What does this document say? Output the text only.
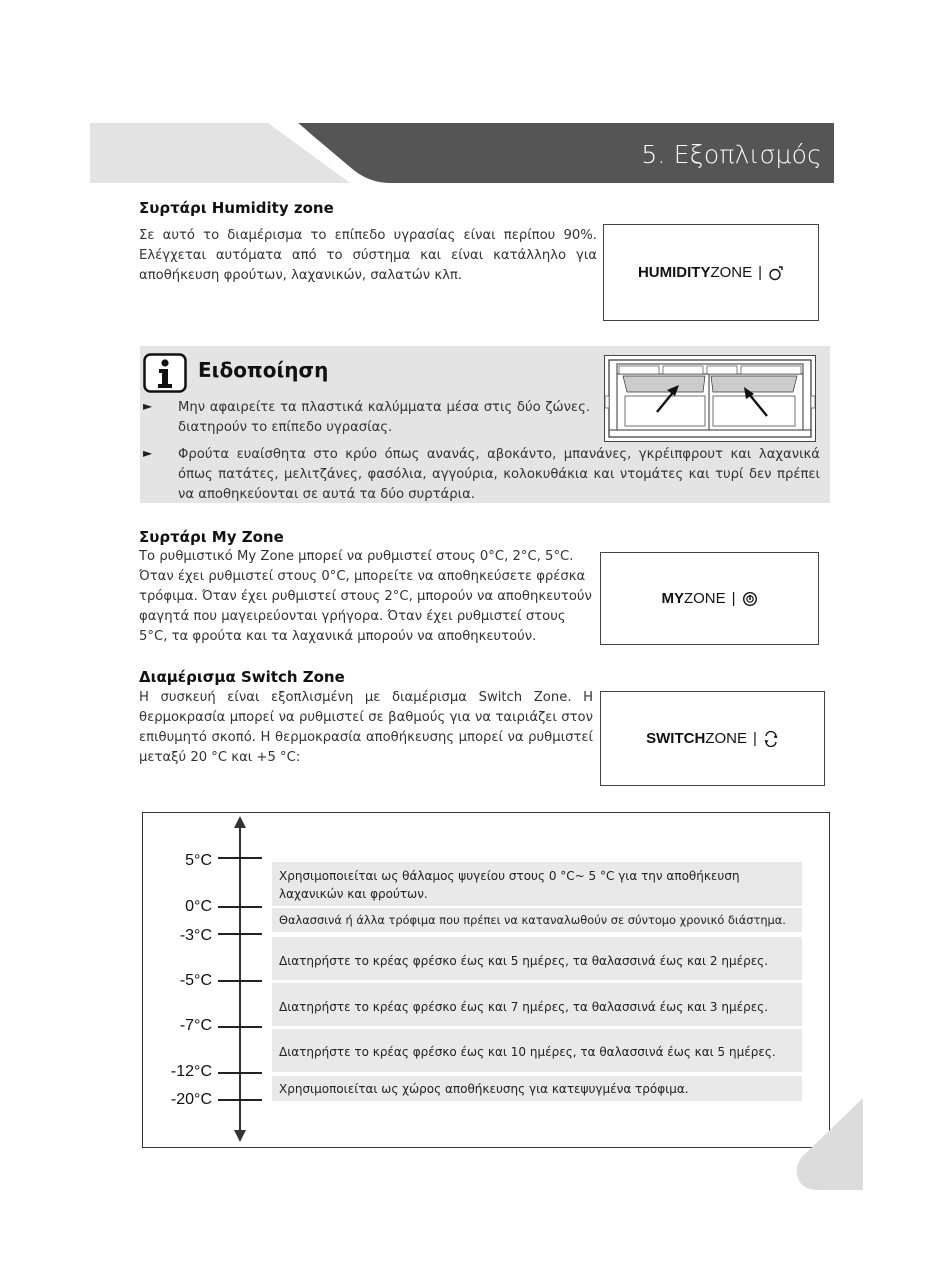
5. Εξοπλισμός
Συρτάρι Humidity zone
Σε αυτό το διαμέρισμα το επίπεδο υγρασίας είναι περίπου 90%. Ελέγχεται αυτόματα από το σύστημα και είναι κατάλληλο για αποθήκευση φρούτων, λαχανικών, σαλατών κλπ.	HUMIDITY ZONE |
Ειδοποίηση
► Μην αφαιρείτε τα πλαστικά καλύμματα μέσα στις δύο ζώνες. διατηρούν το επίπεδο υγρασίας.
► Φρούτα ευαίσθητα στο κρύο όπως ανανάς, αβοκάντο, μπανάνες, γκρέιπφρουτ και λαχανικά όπως πατάτες, μελιτζάνες, φασόλια, αγγούρια, κολοκυθάκια και ντομάτες και τυρί δεν πρέπει να αποθηκεύονται σε αυτά τα δύο συρτάρια.
Συρτάρι My Zone
Το ρυθμιστικό My Zone μπορεί να ρυθμιστεί στους 0°C, 2°C, 5°C. Όταν έχει ρυθμιστεί στους 0°C, μπορείτε να αποθηκεύσετε φρέσκα τρόφιμα. Όταν έχει ρυθμιστεί στους 2°C, μπορούν να αποθηκευτούν φαγητά που μαγειρεύονται γρήγορα. Όταν έχει ρυθμιστεί στους 5°C, τα φρούτα και τα λαχανικά μπορούν να αποθηκευτούν.
MY ZONE |
Διαμέρισμα Switch Zone
Η συσκευή είναι εξοπλισμένη με διαμέρισμα Switch Zone. Η θερμοκρασία μπορεί να ρυθμιστεί σε βαθμούς για να ταιριάζει στον επιθυμητό σκοπό. Η θερμοκρασία αποθήκευσης μπορεί να ρυθμιστεί μεταξύ 20 °C και +5 °C:
SWITCH ZONE |
5°C
0°C
-3°C
-5°C
-7°C
-12°C
-20°C
Χρησιμοποιείται ως θάλαμος ψυγείου στους 0 °C~ 5 °C για την αποθήκευση λαχανικών και φρούτων.
Θαλασσινά ή άλλα τρόφιμα που πρέπει να καταναλωθούν σε σύντομο χρονικό διάστημα.
Διατηρήστε το κρέας φρέσκο έως και 5 ημέρες, τα θαλασσινά έως και 2 ημέρες.
Διατηρήστε το κρέας φρέσκο έως και 7 ημέρες, τα θαλασσινά έως και 3 ημέρες.
Διατηρήστε το κρέας φρέσκο έως και 10 ημέρες, τα θαλασσινά έως και 5 ημέρες.
Χρησιμοποιείται ως χώρος αποθήκευσης για κατεψυγμένα τρόφιμα.
